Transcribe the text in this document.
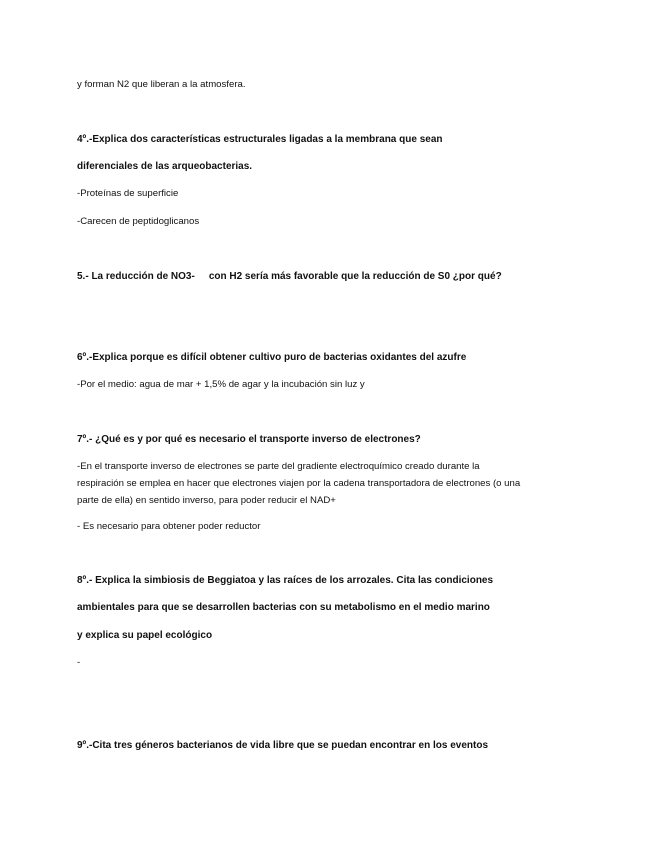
y forman N2 que liberan a la atmosfera.
4º.-Explica dos características estructurales ligadas a la membrana que sean
diferenciales de las arqueobacterias.
-Proteínas de superficie
-Carecen de peptidoglicanos
5.- La reducción de NO3- con H2 sería más favorable que la reducción de S0 ¿por qué?
6º.-Explica porque es difícil obtener cultivo puro de bacterias oxidantes del azufre
-Por el medio: agua de mar + 1,5% de agar y la incubación sin luz y
7º.- ¿Qué es y por qué es necesario el transporte inverso de electrones?
-En el transporte inverso de electrones se parte del gradiente electroquímico creado durante la
respiración se emplea en hacer que electrones viajen por la cadena transportadora de electrones (o una
parte de ella) en sentido inverso, para poder reducir el NAD+
- Es necesario para obtener poder reductor
8º.- Explica la simbiosis de Beggiatoa y las raíces de los arrozales. Cita las condiciones
ambientales para que se desarrollen bacterias con su metabolismo en el medio marino
y explica su papel ecológico
-
9º.-Cita tres géneros bacterianos de vida libre que se puedan encontrar en los eventos
